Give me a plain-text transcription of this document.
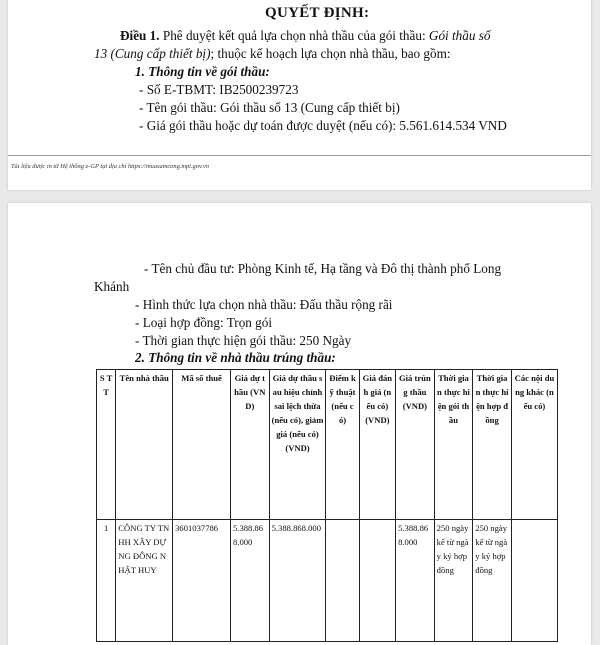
QUYẾT ĐỊNH:
Điều 1. Phê duyệt kết quả lựa chọn nhà thầu của gói thầu: Gói thầu số
13 (Cung cấp thiết bị); thuộc kế hoạch lựa chọn nhà thầu, bao gồm:
1. Thông tin về gói thầu:
- Số E-TBMT: IB2500239723
- Tên gói thầu: Gói thầu số 13 (Cung cấp thiết bị)
- Giá gói thầu hoặc dự toán được duyệt (nếu có): 5.561.614.534 VND
Tài liệu được in từ Hệ thống e-GP tại địa chỉ https://muasamcong.mpi.gov.vn
- Tên chủ đầu tư: Phòng Kinh tế, Hạ tầng và Đô thị thành phố Long
Khánh
- Hình thức lựa chọn nhà thầu: Đấu thầu rộng rãi
- Loại hợp đồng: Trọn gói
- Thời gian thực hiện gói thầu: 250 Ngày
2. Thông tin về nhà thầu trúng thầu:
S T T	Tên nhà thầu	Mã số thuế	Giá dự thầu (VND)	Giá dự thầu sau hiệu chỉnh sai lệch thừa (nếu có), giảm giá (nếu có) (VND)	Điểm kỹ thuật (nếu có)	Giá đánh giá (nếu có) (VND)	Giá trúng thầu (VND)	Thời gian thực hiện gói thầu	Thời gian thực hiện hợp đồng	Các nội dung khác (nếu có)
1	CÔNG TY TNHH XÂY DỰNG ĐÔNG NHẬT HUY	3601037786	5.388.868.000	5.388.868.000			5.388.868.000	250 ngày kể từ ngày ký hợp đồng	250 ngày kể từ ngày ký hợp đồng	
